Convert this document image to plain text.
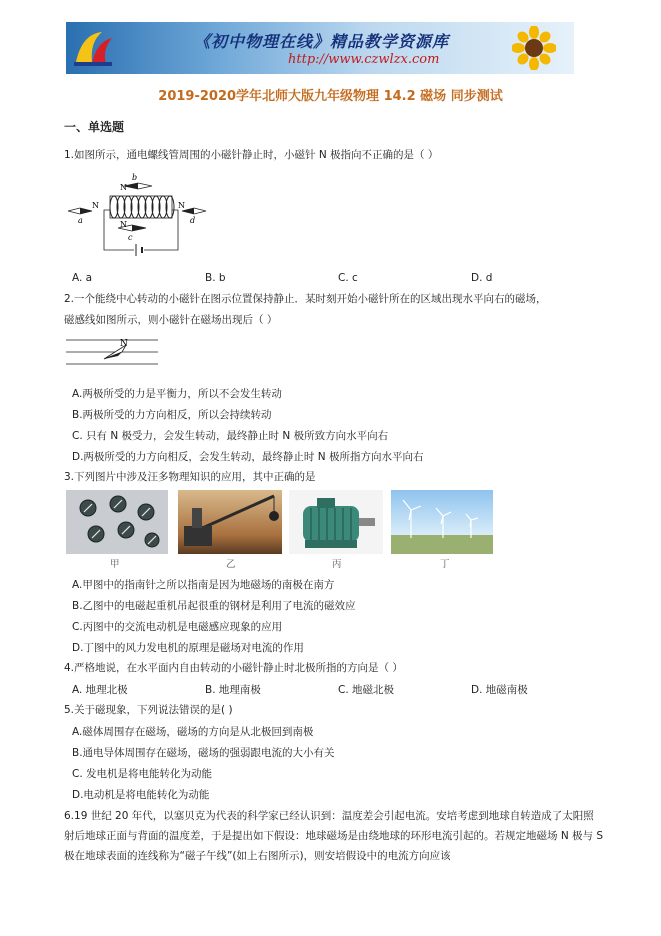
《初中物理在线》精品教学资源库
http://www.czwlzx.com
2019-2020学年北师大版九年级物理 14.2 磁场 同步测试
一、单选题
1.如图所示，通电螺线管周围的小磁针静止时，小磁针 N 极指向不正确的是（ ）
N
b
N	N
a	d
N
c
A. a	B. b	C. c	D. d
2.一个能绕中心转动的小磁针在图示位置保持静止．某时刻开始小磁针所在的区域出现水平向右的磁场，
磁感线如图所示，则小磁针在磁场出现后（ ）
N
A.两极所受的力是平衡力，所以不会发生转动
B.两极所受的力方向相反，所以会持续转动
C. 只有 N 极受力，会发生转动，最终静止时 N 极所致方向水平向右
D.两极所受的力方向相反，会发生转动，最终静止时 N 极所指方向水平向右
3.下列图片中涉及汪多物理知识的应用，其中正确的是
甲	乙	丙	丁
A.甲图中的指南针之所以指南是因为地磁场的南极在南方
B.乙图中的电磁起重机吊起很重的钢材是利用了电流的磁效应
C.丙图中的交流电动机是电磁感应现象的应用
D.丁图中的风力发电机的原理是磁场对电流的作用
4.严格地说，在水平面内自由转动的小磁针静止时北极所指的方向是（ ）
A. 地理北极	B. 地理南极	C. 地磁北极	D. 地磁南极
5.关于磁现象，下列说法错误的是( )
A.磁体周围存在磁场，磁场的方向是从北极回到南极
B.通电导体周围存在磁场，磁场的强弱跟电流的大小有关
C. 发电机是将电能转化为动能
D.电动机是将电能转化为动能
6.19 世纪 20 年代，以塞贝克为代表的科学家已经认识到：温度差会引起电流。安培考虑到地球自转造成了太阳照射后地球正面与背面的温度差，于是提出如下假设：地球磁场是由绕地球的环形电流引起的。若规定地磁场 N 极与 S 极在地球表面的连线称为“磁子午线”(如上右图所示)，则安培假设中的电流方向应该
